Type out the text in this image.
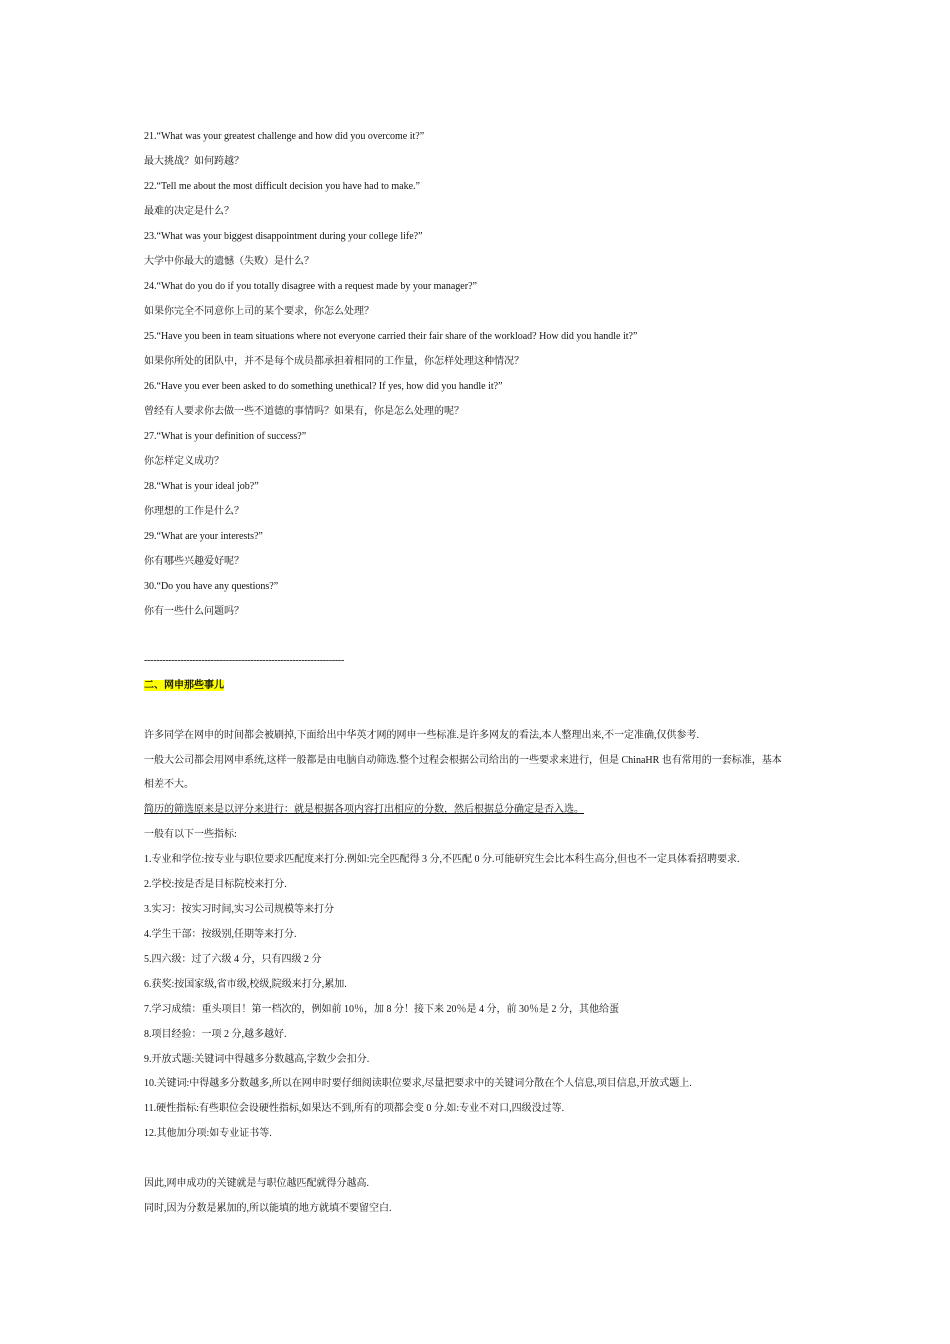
21.“What was your greatest challenge and how did you overcome it?”

最大挑战？如何跨越？

22.“Tell me about the most difficult decision you have had to make.”

最难的决定是什么？

23.“What was your biggest disappointment during your college life?”

大学中你最大的遗憾（失败）是什么？

24.“What do you do if you totally disagree with a request made by your manager?”

如果你完全不同意你上司的某个要求，你怎么处理？

25.“Have you been in team situations where not everyone carried their fair share of the workload? How did you handle it?”

如果你所处的团队中，并不是每个成员都承担着相同的工作量，你怎样处理这种情况？

26.“Have you ever been asked to do something unethical? If yes, how did you handle it?”

曾经有人要求你去做一些不道德的事情吗？如果有，你是怎么处理的呢？

27.“What is your definition of success?”

你怎样定义成功？

28.“What is your ideal job?”

你理想的工作是什么？

29.“What are your interests?”

你有哪些兴趣爱好呢？

30.“Do you have any questions?”

你有一些什么问题吗？

------------------------------------------------------------------

二、网申那些事儿

许多同学在网申的时间都会被刷掉,下面给出中华英才网的网申一些标准.是许多网友的看法,本人整理出来,不一定准确,仅供参考.

一般大公司都会用网申系统,这样一般都是由电脑自动筛选.整个过程会根据公司给出的一些要求来进行，但是 ChinaHR 也有常用的一套标准，基本

相差不大。

简历的筛选原来是以评分来进行：就是根据各项内容打出相应的分数，然后根据总分确定是否入选。

一般有以下一些指标:

1.专业和学位:按专业与职位要求匹配度来打分.例如:完全匹配得 3 分,不匹配 0 分.可能研究生会比本科生高分,但也不一定具体看招聘要求.

2.学校:按是否是目标院校来打分.

3.实习：按实习时间,实习公司规模等来打分

4.学生干部：按级别,任期等来打分.

5.四六级：过了六级 4 分，只有四级 2 分

6.获奖:按国家级,省市级,校级,院级来打分,累加.

7.学习成绩：重头项目！第一档次的，例如前 10％，加 8 分！接下来 20％是 4 分，前 30％是 2 分，其他给蛋

8.项目经验：一项 2 分,越多越好.

9.开放式题:关键词中得越多分数越高,字数少会扣分.

10.关键词:中得越多分数越多,所以在网申时要仔细阅读职位要求,尽量把要求中的关键词分散在个人信息,项目信息,开放式题上.

11.硬性指标:有些职位会设硬性指标,如果达不到,所有的项都会变 0 分.如:专业不对口,四级没过等.

12.其他加分项:如专业证书等.

因此,网申成功的关键就是与职位越匹配就得分越高.

同时,因为分数是累加的,所以能填的地方就填不要留空白.
